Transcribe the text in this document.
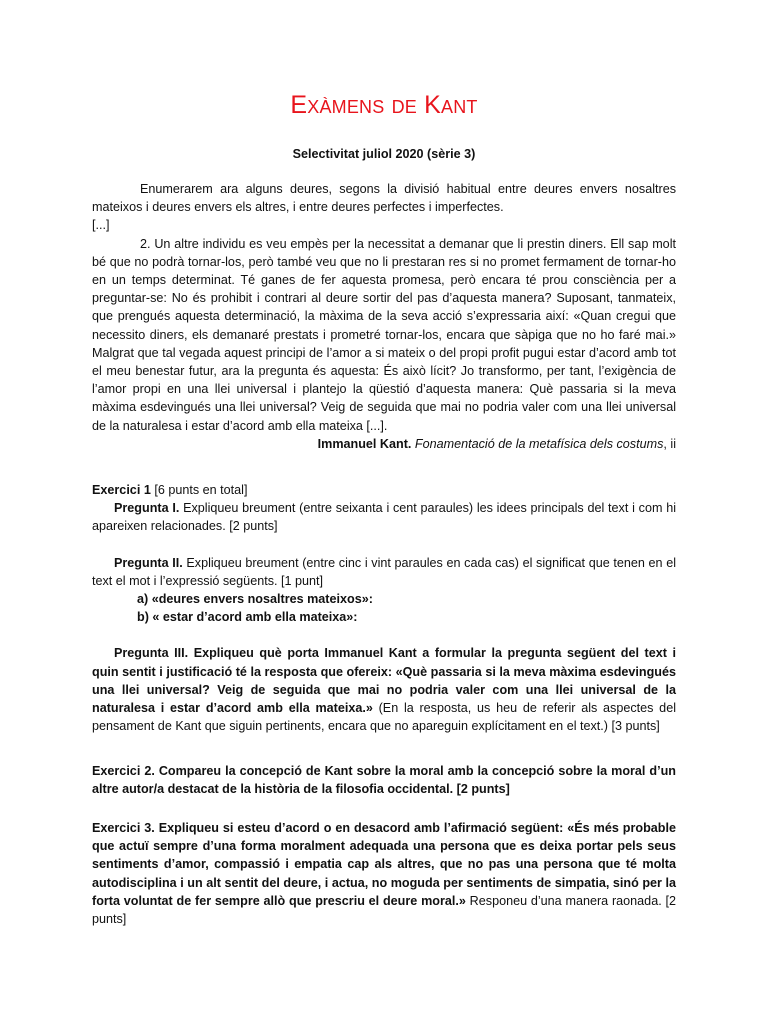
Exàmens de Kant
Selectivitat juliol 2020 (sèrie 3)

Enumerarem ara alguns deures, segons la divisió habitual entre deures envers nosaltres mateixos i deures envers els altres, i entre deures perfectes i imperfectes.

[...]

2. Un altre individu es veu empès per la necessitat a demanar que li prestin diners. Ell sap molt bé que no podrà tornar-los, però també veu que no li prestaran res si no promet fermament de tornar-ho en un temps determinat. Té ganes de fer aquesta promesa, però encara té prou consciència per a preguntar-se: No és prohibit i contrari al deure sortir del pas d’aquesta manera? Suposant, tanmateix, que prengués aquesta determinació, la màxima de la seva acció s’expressaria així: «Quan cregui que necessito diners, els demanaré prestats i prometré tornar-los, encara que sàpiga que no ho faré mai.» Malgrat que tal vegada aquest principi de l’amor a si mateix o del propi profit pugui estar d’acord amb tot el meu benestar futur, ara la pregunta és aquesta: És això lícit? Jo transformo, per tant, l’exigència de l’amor propi en una llei universal i plantejo la qüestió d’aquesta manera: Què passaria si la meva màxima esdevingués una llei universal? Veig de seguida que mai no podria valer com una llei universal de la naturalesa i estar d’acord amb ella mateixa [...].

Immanuel Kant. Fonamentació de la metafísica dels costums, ii

Exercici 1 [6 punts en total]

Pregunta I. Expliqueu breument (entre seixanta i cent paraules) les idees principals del text i com hi apareixen relacionades. [2 punts]

Pregunta II. Expliqueu breument (entre cinc i vint paraules en cada cas) el significat que tenen en el text el mot i l’expressió següents. [1 punt]

a) «deures envers nosaltres mateixos»:

b) « estar d’acord amb ella mateixa»:

Pregunta III. Expliqueu què porta Immanuel Kant a formular la pregunta següent del text i quin sentit i justificació té la resposta que ofereix: «Què passaria si la meva màxima esdevingués una llei universal? Veig de seguida que mai no podria valer com una llei universal de la naturalesa i estar d’acord amb ella mateixa.» (En la resposta, us heu de referir als aspectes del pensament de Kant que siguin pertinents, encara que no apareguin explícitament en el text.) [3 punts]

Exercici 2. Compareu la concepció de Kant sobre la moral amb la concepció sobre la moral d’un altre autor/a destacat de la història de la filosofia occidental. [2 punts]

Exercici 3. Expliqueu si esteu d’acord o en desacord amb l’afirmació següent: «És més probable que actuï sempre d’una forma moralment adequada una persona que es deixa portar pels seus sentiments d’amor, compassió i empatia cap als altres, que no pas una persona que té molta autodisciplina i un alt sentit del deure, i actua, no moguda per sentiments de simpatia, sinó per la forta voluntat de fer sempre allò que prescriu el deure moral.» Responeu d’una manera raonada. [2 punts]
